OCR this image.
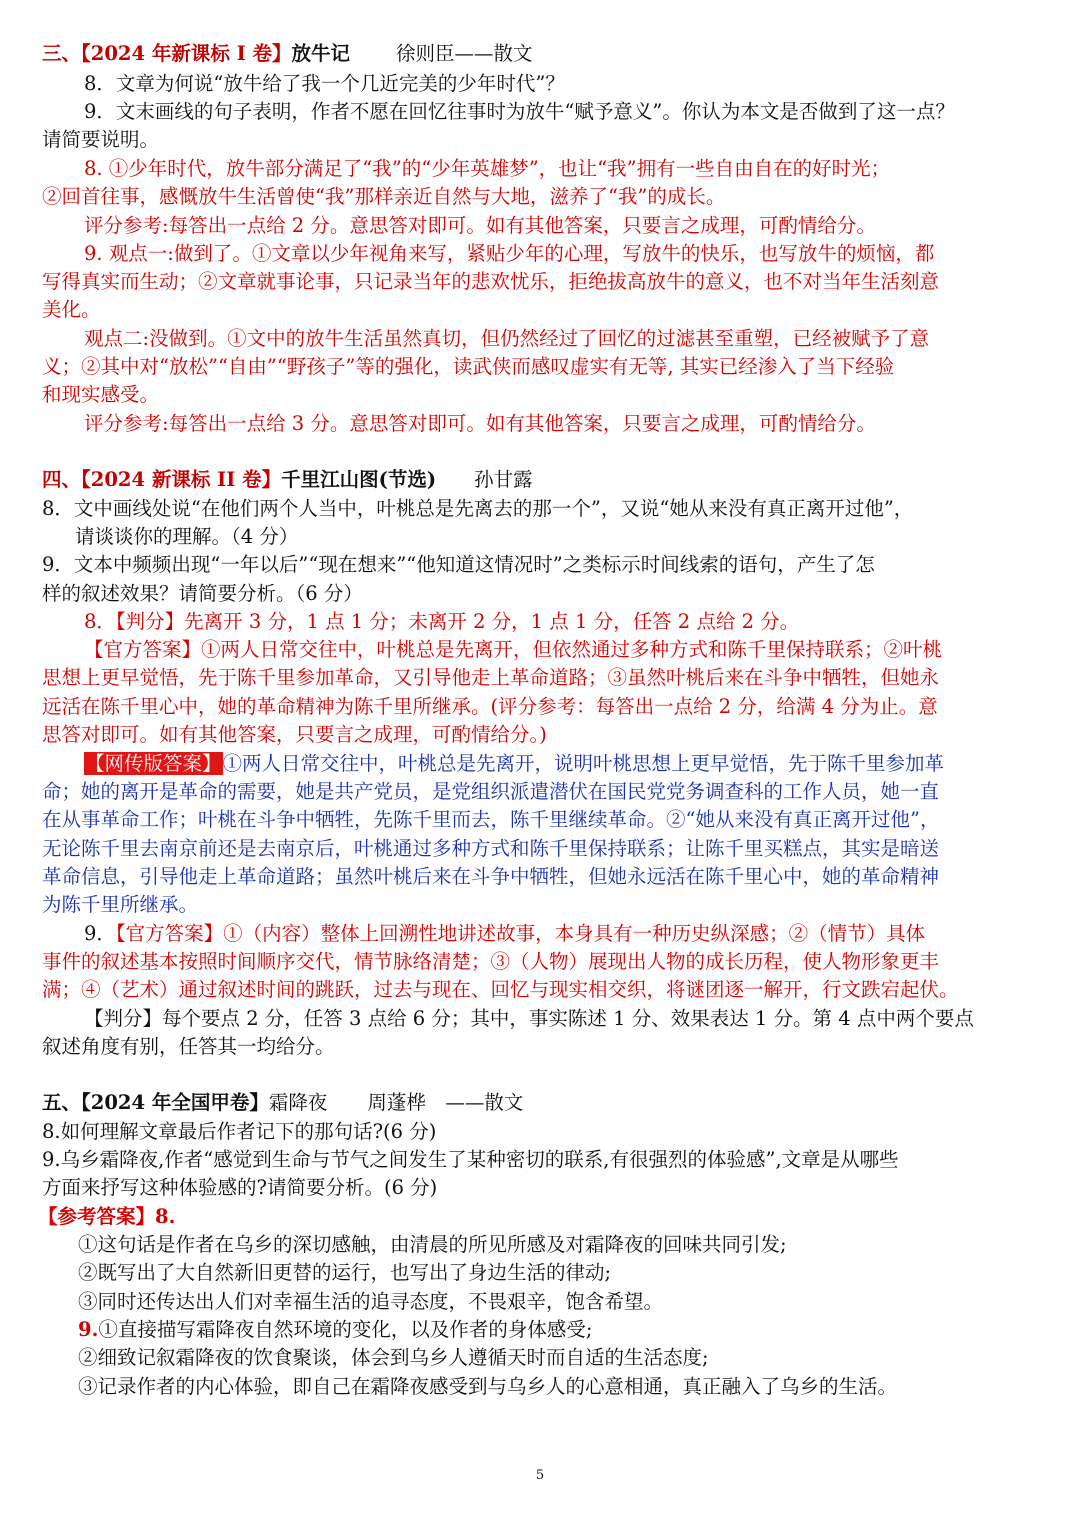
三、【2024 年新课标 I 卷】放牛记 徐则臣——散文
8．文章为何说“放牛给了我一个几近完美的少年时代”？
9．文末画线的句子表明，作者不愿在回忆往事时为放牛“赋予意义”。你认为本文是否做到了这一点？
请简要说明。
8. ①少年时代，放牛部分满足了“我”的“少年英雄梦”，也让“我”拥有一些自由自在的好时光；
②回首往事，感慨放牛生活曾使“我”那样亲近自然与大地，滋养了“我”的成长。
评分参考:每答出一点给 2 分。意思答对即可。如有其他答案，只要言之成理，可酌情给分。
9. 观点一:做到了。①文章以少年视角来写，紧贴少年的心理，写放牛的快乐，也写放牛的烦恼，都
写得真实而生动；②文章就事论事，只记录当年的悲欢忧乐，拒绝拔高放牛的意义，也不对当年生活刻意
美化。
观点二:没做到。①文中的放牛生活虽然真切，但仍然经过了回忆的过滤甚至重塑，已经被赋予了意
义；②其中对“放松”“自由”“野孩子”等的强化，读武侠而感叹虚实有无等, 其实已经渗入了当下经验
和现实感受。
评分参考:每答出一点给 3 分。意思答对即可。如有其他答案，只要言之成理，可酌情给分。
四、【2024 新课标 II 卷】千里江山图(节选) 孙甘露
8．文中画线处说“在他们两个人当中，叶桃总是先离去的那一个”，又说“她从来没有真正离开过他”，
请谈谈你的理解。（4 分）
9．文本中频频出现“一年以后”“现在想来”“他知道这情况时”之类标示时间线索的语句，产生了怎
样的叙述效果？请简要分析。（6 分）
8．【判分】先离开 3 分，1 点 1 分；未离开 2 分，1 点 1 分，任答 2 点给 2 分。
【官方答案】①两人日常交往中，叶桃总是先离开，但依然通过多种方式和陈千里保持联系；②叶桃
思想上更早觉悟，先于陈千里参加革命，又引导他走上革命道路；③虽然叶桃后来在斗争中牺牲，但她永
远活在陈千里心中，她的革命精神为陈千里所继承。(评分参考：每答出一点给 2 分，给满 4 分为止。意
思答对即可。如有其他答案，只要言之成理，可酌情给分。)
【网传版答案】①两人日常交往中，叶桃总是先离开，说明叶桃思想上更早觉悟，先于陈千里参加革
命；她的离开是革命的需要，她是共产党员，是党组织派遣潜伏在国民党党务调查科的工作人员，她一直
在从事革命工作；叶桃在斗争中牺牲，先陈千里而去，陈千里继续革命。②“她从来没有真正离开过他”，
无论陈千里去南京前还是去南京后，叶桃通过多种方式和陈千里保持联系；让陈千里买糕点，其实是暗送
革命信息，引导他走上革命道路；虽然叶桃后来在斗争中牺牲，但她永远活在陈千里心中，她的革命精神
为陈千里所继承。
9．【官方答案】①（内容）整体上回溯性地讲述故事，本身具有一种历史纵深感；②（情节）具体
事件的叙述基本按照时间顺序交代，情节脉络清楚；③（人物）展现出人物的成长历程，使人物形象更丰
满；④（艺术）通过叙述时间的跳跃，过去与现在、回忆与现实相交织，将谜团逐一解开，行文跌宕起伏。
【判分】每个要点 2 分，任答 3 点给 6 分；其中，事实陈述 1 分、效果表达 1 分。第 4 点中两个要点
叙述角度有别，任答其一均给分。
五、【2024 年全国甲卷】霜降夜 周蓬桦　——散文
8.如何理解文章最后作者记下的那句话?(6 分)
9.乌乡霜降夜,作者“感觉到生命与节气之间发生了某种密切的联系,有很强烈的体验感”,文章是从哪些
方面来抒写这种体验感的?请简要分析。(6 分)
【参考答案】8.
①这句话是作者在乌乡的深切感触，由清晨的所见所感及对霜降夜的回味共同引发;
②既写出了大自然新旧更替的运行，也写出了身边生活的律动;
③同时还传达出人们对幸福生活的追寻态度，不畏艰辛，饱含希望。
9.①直接描写霜降夜自然环境的变化，以及作者的身体感受;
②细致记叙霜降夜的饮食聚谈，体会到乌乡人遵循天时而自适的生活态度;
③记录作者的内心体验，即自己在霜降夜感受到与乌乡人的心意相通，真正融入了乌乡的生活。
5
